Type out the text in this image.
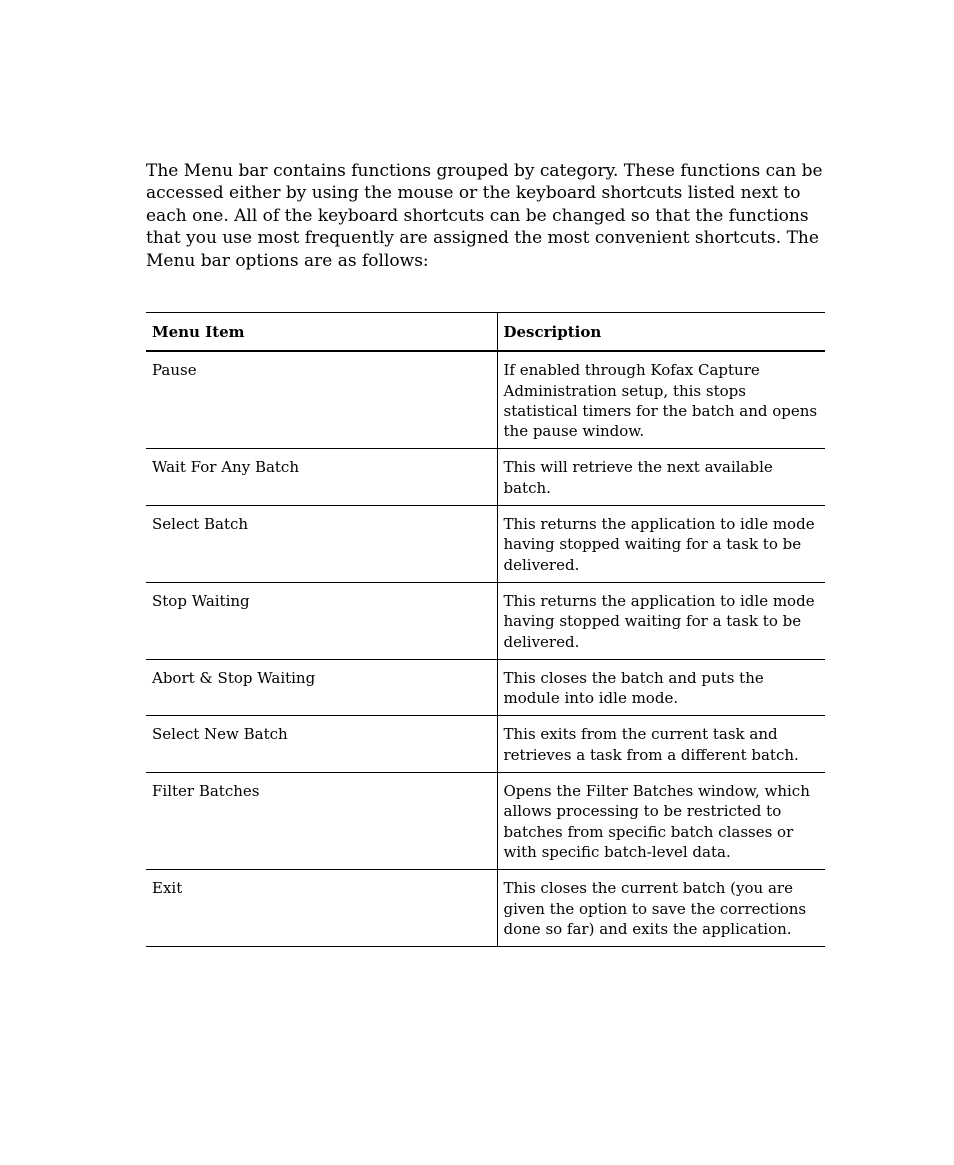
The Menu bar contains functions grouped by category. These functions can be accessed either by using the mouse or the keyboard shortcuts listed next to each one. All of the keyboard shortcuts can be changed so that the functions that you use most frequently are assigned the most convenient shortcuts. The Menu bar options are as follows:

Menu Item	Description
Pause	If enabled through Kofax Capture Administration setup, this stops statistical timers for the batch and opens the pause window.
Wait For Any Batch	This will retrieve the next available batch.
Select Batch	This returns the application to idle mode having stopped waiting for a task to be delivered.
Stop Waiting	This returns the application to idle mode having stopped waiting for a task to be delivered.
Abort & Stop Waiting	This closes the batch and puts the module into idle mode.
Select New Batch	This exits from the current task and retrieves a task from a different batch.
Filter Batches	Opens the Filter Batches window, which allows processing to be restricted to batches from specific batch classes or with specific batch-level data.
Exit	This closes the current batch (you are given the option to save the corrections done so far) and exits the application.
